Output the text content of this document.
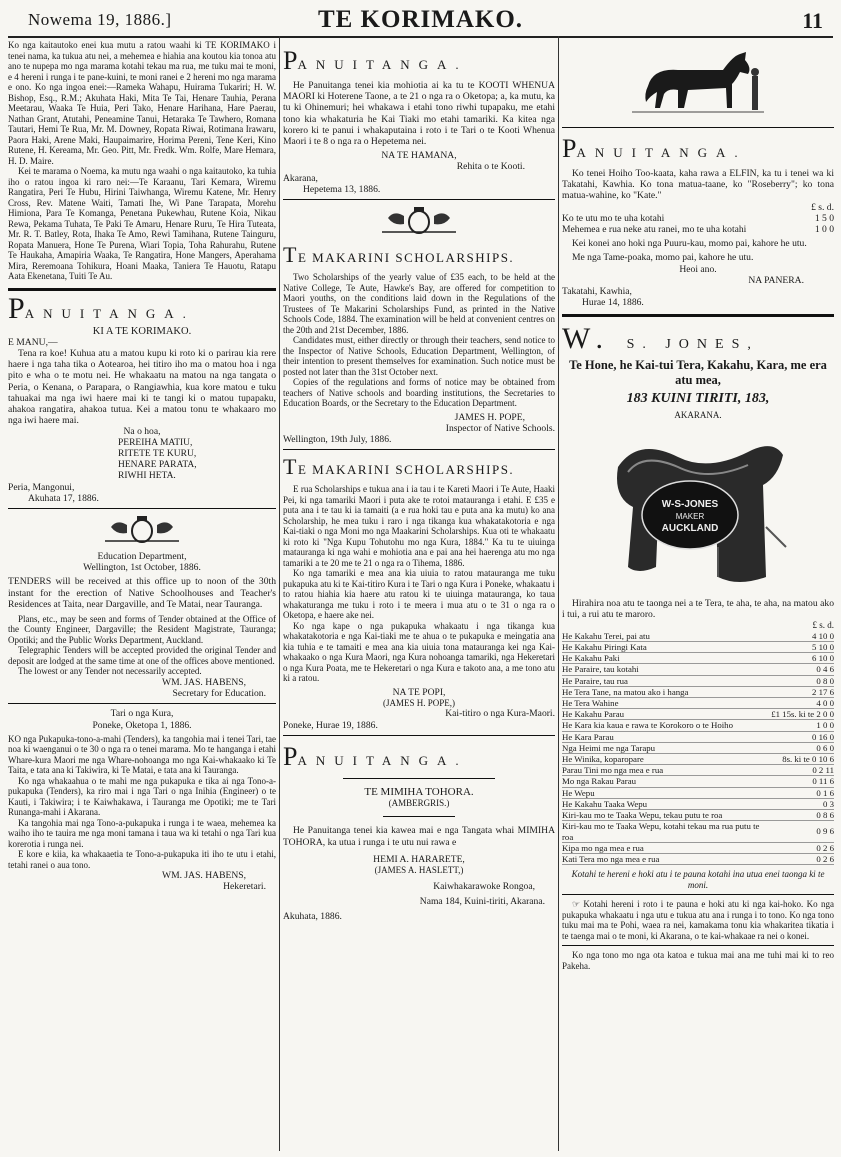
Nowema 19, 1886.]	TE KORIMAKO.	11

Ko nga kaitautoko enei kua mutu a ratou waahi ki TE KORIMAKO i tenei nama, ka tukua atu nei, a mehemea e hiahia ana koutou kia tonoa atu ano te nupepa mo nga marama kotahi tekau ma rua, me tuku mai te moni, e 4 hereni i runga i te pane-kuini, te moni ranei e 2 hereni mo nga marama e ono. Ko nga ingoa enei:—Rameka Wahapu, Huirama Tukariri; H. W. Bishop, Esq., R.M.; Akuhata Haki, Mita Te Tai, Henare Tauhia, Perana Meetarau, Waaka Te Huia, Peri Tako, Henare Harihana, Hare Paerau, Nathan Grant, Atutahi, Peneamine Tanui, Hetaraka Te Tawhero, Romana Tautari, Hemi Te Rua, Mr. M. Downey, Ropata Riwai, Rotimana Irawaru, Paora Haki, Arene Maki, Haupaimarire, Horima Pereni, Tene Keri, Kino Rutene, H. Kereama, Mr. Geo. Pitt, Mr. Fredk. Wm. Rolfe, Mare Hemara, H. D. Maire.

Kei te marama o Noema, ka mutu nga waahi o nga kaitautoko, ka tuhia iho o ratou ingoa ki raro nei:—Te Karaanu, Tari Kemara, Wiremu Rangatira, Peri Te Hubu, Hirini Taiwhanga, Wiremu Katene, Mr. Henry Cross, Rev. Matene Waiti, Tamati Ihe, Wi Pane Tarapata, Morehu Himiona, Para Te Komanga, Penetana Pukewhau, Rutene Koia, Nikau Rewa, Pekama Tuhata, Te Paki Te Amaru, Henare Ruru, Te Hira Tuteata, Mr. R. T. Batley, Rota, Ihaka Te Amo, Rewi Tamihana, Rutene Tainguru, Ropata Manuera, Hone Te Purena, Wiari Topia, Toha Rahurahu, Rutene Te Haukaha, Amapiria Waaka, Te Rangatira, Hone Mangers, Aperahama Mira, Reremoana Tohikura, Hoani Maaka, Taniera Te Hauotu, Ratapu Aata Ekenetana, Tuiti Te Au.

PANUITANGA.

KI A TE KORIMAKO.

E MANU,—

Tena ra koe! Kuhua atu a matou kupu ki roto ki o parirau kia rere haere i nga taha tika o Aotearoa, hei titiro iho ma o matou hoa i nga pito e wha o te motu nei. He whakaatu na matou na nga tangata o Peria, o Kenana, o Parapara, o Rangiawhia, kua kore matou e tuku tahuakai ma nga iwi haere mai ki te tangi ki o matou tupapaku, ahakoa rangatira, ahakoa tutua. Kei a matou tonu te whakaaro mo nga iwi haere mai.

Na o hoa,

PEREIHA MATIU,

RITETE TE KURU,

HENARE PARATA,

RIWHI HETA.

Peria, Mangonui,

Akuhata 17, 1886.

Education Department,

Wellington, 1st October, 1886.

TENDERS will be received at this office up to noon of the 30th instant for the erection of Native Schoolhouses and Teacher's Residences at Taita, near Dargaville, and Te Matai, near Tauranga.

Plans, etc., may be seen and forms of Tender obtained at the Office of the County Engineer, Dargaville; the Resident Magistrate, Tauranga; Opotiki; and the Public Works Department, Auckland.

Telegraphic Tenders will be accepted provided the original Tender and deposit are lodged at the same time at one of the offices above mentioned.

The lowest or any Tender not necessarily accepted.

WM. JAS. HABENS,

Secretary for Education.

Tari o nga Kura,

Poneke, Oketopa 1, 1886.

KO nga Pukapuka-tono-a-mahi (Tenders), ka tangohia mai i tenei Tari, tae noa ki waenganui o te 30 o nga ra o tenei marama. Mo te hanganga i etahi Whare-kura Maori me nga Whare-nohoanga mo nga Kai-whakaako ki Te Taita, e tata ana ki Takiwira, ki Te Matai, e tata ana ki Tauranga.

Ko nga whakaahua o te mahi me nga pukapuka e tika ai nga Tono-a-pukapuka (Tenders), ka riro mai i nga Tari o nga Inihia (Engineer) o te Kauti, i Takiwira; i te Kaiwhakawa, i Tauranga me Opotiki; me te Tari Runanga-mahi i Akarana.

Ka tangohia mai nga Tono-a-pukapuka i runga i te waea, mehemea ka waiho iho te tauira me nga moni tamana i taua wa ki tetahi o nga Tari kua korerotia i runga nei.

E kore e kiia, ka whakaaetia te Tono-a-pukapuka iti iho te utu i etahi, tetahi ranei o aua tono.

WM. JAS. HABENS,

Hekeretari.

PANUITANGA.

He Panuitanga tenei kia mohiotia ai ka tu te KOOTI WHENUA MAORI ki Hoterene Taone, a te 21 o nga ra o Oketopa; a, ka mutu, ka tu ki Ohinemuri; hei whakawa i etahi tono riwhi tupapaku, me etahi tono kia whakaturia he Kai Tiaki mo etahi tamariki. Ka kitea nga korero ki te panui i whakaputaina i roto i te Tari o te Kooti Whenua Maori i te 8 o nga ra o Hepetema nei.

NA TE HAMANA,

Rehita o te Kooti.

Akarana,

Hepetema 13, 1886.

TE MAKARINI SCHOLARSHIPS.

Two Scholarships of the yearly value of £35 each, to be held at the Native College, Te Aute, Hawke's Bay, are offered for competition to Maori youths, on the conditions laid down in the Regulations of the Trustees of Te Makarini Scholarships Fund, as printed in the Native Schools Code, 1884. The examination will be held at convenient centres on the 20th and 21st December, 1886.

Candidates must, either directly or through their teachers, send notice to the Inspector of Native Schools, Education Department, Wellington, of their intention to present themselves for examination. Such notice must be posted not later than the 31st October next.

Copies of the regulations and forms of notice may be obtained from teachers of Native schools and boarding institutions, the Secretaries to Education Boards, or the Secretary to the Education Department.

JAMES H. POPE,

Inspector of Native Schools.

Wellington, 19th July, 1886.

TE MAKARINI SCHOLARSHIPS.

E rua Scholarships e tukua ana i ia tau i te Kareti Maori i Te Aute, Haaki Pei, ki nga tamariki Maori i puta ake te rotoi matauranga i etahi. E £35 e puta ana i te tau ki ia tamaiti (a e rua hoki tau e puta ana ka mutu) ko ana Scholarship, he mea tuku i raro i nga tikanga kua whakatakotoria e nga Kai-tiaki o nga Moni mo nga Maakarini Scholarships. Kua oti te whakaatu ki roto ki "Nga Kupu Tohutohu mo nga Kura, 1884." Ka tu te uiuinga matauranga ki nga wahi e mohiotia ana e pai ana hei haerenga atu mo nga tamariki a te 20 me te 21 o nga ra o Tihema, 1886.

Ko nga tamariki e mea ana kia uiuia to ratou matauranga me tuku pukapuka atu ki te Kai-titiro Kura i te Tari o nga Kura i Poneke, whakaatu i to ratou hiahia kia haere atu ratou ki te uiuinga matauranga, ko taua whakaturanga me tuku i roto i te meera i mua atu o te 31 o nga ra o Oketopa, e haere ake nei.

Ko nga kape o nga pukapuka whakaatu i nga tikanga kua whakatakotoria e nga Kai-tiaki me te ahua o te pukapuka e meingatia ana kia tuhia e te tamaiti e mea ana kia uiuia tona matauranga kei nga Kai-whakaako o nga Kura Maori, nga Kura nohoanga tamariki, nga Hekeretari o nga Kura Poata, me te Hekeretari o nga Kura e takoto ana, a me tono atu ki a ratou.

NA TE POPI,

(JAMES H. POPE,)

Kai-titiro o nga Kura-Maori.

Poneke, Hurae 19, 1886.

PANUITANGA.

TE MIMIHA TOHORA.

(AMBERGRIS.)

He Panuitanga tenei kia kawea mai e nga Tangata whai MIMIHA TOHORA, ka utua i runga i te utu nui rawa e

HEMI A. HARARETE,

(JAMES A. HASLETT,)

Kaiwhakarawoke Rongoa,

Nama 184, Kuini-tiriti, Akarana.

Akuhata, 1886.

PANUITANGA.

Ko tenei Hoiho Too-kaata, kaha rawa a ELFIN, ka tu i tenei wa ki Takatahi, Kawhia. Ko tona matua-taane, ko "Roseberry"; ko tona matua-wahine, ko "Kate."

£ s. d.

Ko te utu mo te uha kotahi	1 5 0

Mehemea e rua neke atu ranei, mo te uha kotahi	1 0 0

Kei konei ano hoki nga Puuru-kau, momo pai, kahore he utu.

Me nga Tame-poaka, momo pai, kahore he utu.

Heoi ano.

NA PANERA.

Takatahi, Kawhia,

Hurae 14, 1886.

W. S. JONES,
Te Hone, he Kai-tui Tera, Kakahu, Kara, me era atu mea,
183 KUINI TIRITI, 183,

AKARANA.

W-S-JONES
MAKER
AUCKLAND

Hirahira noa atu te taonga nei a te Tera, te aha, te aha, na matou ako i tui, a rui atu te maroro.

£ s. d.

He Kakahu Terei, pai atu	4 10 0
He Kakahu Piringi Kata	5 10 0
He Kakahu Paki	6 10 0
He Paraire, tau kotahi	0 4 6
He Paraire, tau rua	0 8 0
He Tera Tane, na matou ako i hanga	2 17 6
He Tera Wahine	4 0 0
He Kakahu Parau	£1 15s. ki te 2 0 0
He Kara kia kaua e rawa te Korokoro o te Hoiho	1 0 0
He Kara Parau	0 16 0
Nga Heimi me nga Tarapu	0 6 0
He Winika, koparopare	8s. ki te 0 10 6
Parau Tini mo nga mea e rua	0 2 11
Mo nga Rakau Parau	0 11 6
He Wepu	0 1 6
He Kakahu Taaka Wepu	0 3
Kiri-kau mo te Taaka Wepu, tekau putu te roa	0 8 6
Kiri-kau mo te Taaka Wepu, kotahi tekau ma rua putu te roa	0 9 6
Kipa mo nga mea e rua	0 2 6
Kati Tera mo nga mea e rua	0 2 6

Kotahi te hereni e hoki atu i te pauna kotahi ina utua enei taonga ki te moni.

☞ Kotahi hereni i roto i te pauna e hoki atu ki nga kai-hoko. Ko nga pukapuka whakaatu i nga utu e tukua atu ana i runga i to tono. Ko nga tono tuku mai ma te Pohi, waea ra nei, kamakama tonu kia whakaritea tikatia i te taenga mai o te moni, ki Akarana, o te kai-whakaae ra nei o konei.

Ko nga tono mo nga ota katoa e tukua mai ana me tuhi mai ki to reo Pakeha.
